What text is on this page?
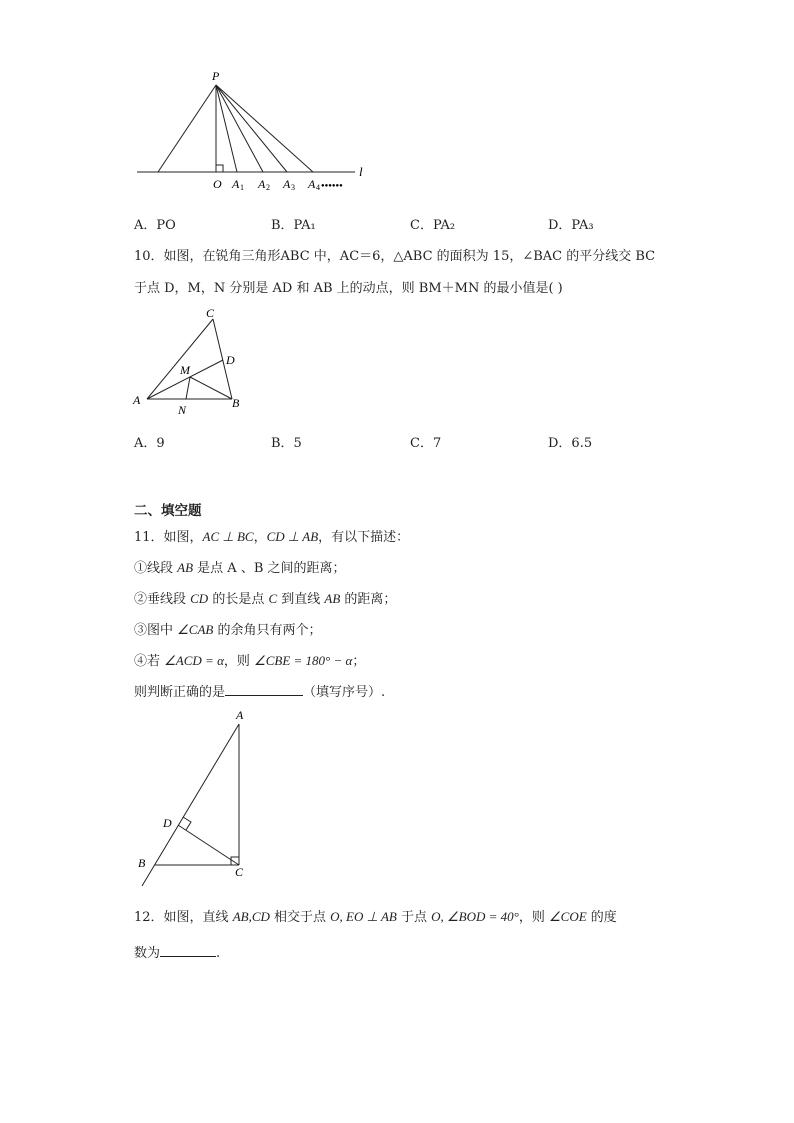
P
O A 1 A 2 A 3 A 4 ●●●●●●
l
A．PO	B．PA₁	C．PA₂	D．PA₃
10．如图，在锐角三角形ABC 中，AC＝6，△ABC 的面积为 15，∠BAC 的平分线交 BC
于点 D，M，N 分别是 AD 和 AB 上的动点，则 BM＋MN 的最小值是( )
C
D
M
A	B
N
A．9	B．5	C．7	D．6.5
二、填空题
11．如图，AC ⊥ BC，CD ⊥ AB，有以下描述：
①线段 AB 是点 A 、B 之间的距离；
②垂线段 CD 的长是点 C 到直线 AB 的距离；
③图中 ∠CAB 的余角只有两个；
④若 ∠ACD = α，则 ∠CBE = 180° − α；
则判断正确的是	（填写序号）.
A
D
B
C
12．如图，直线 AB,CD 相交于点 O, EO ⊥ AB 于点 O, ∠BOD = 40°，则 ∠COE 的度
数为	.
